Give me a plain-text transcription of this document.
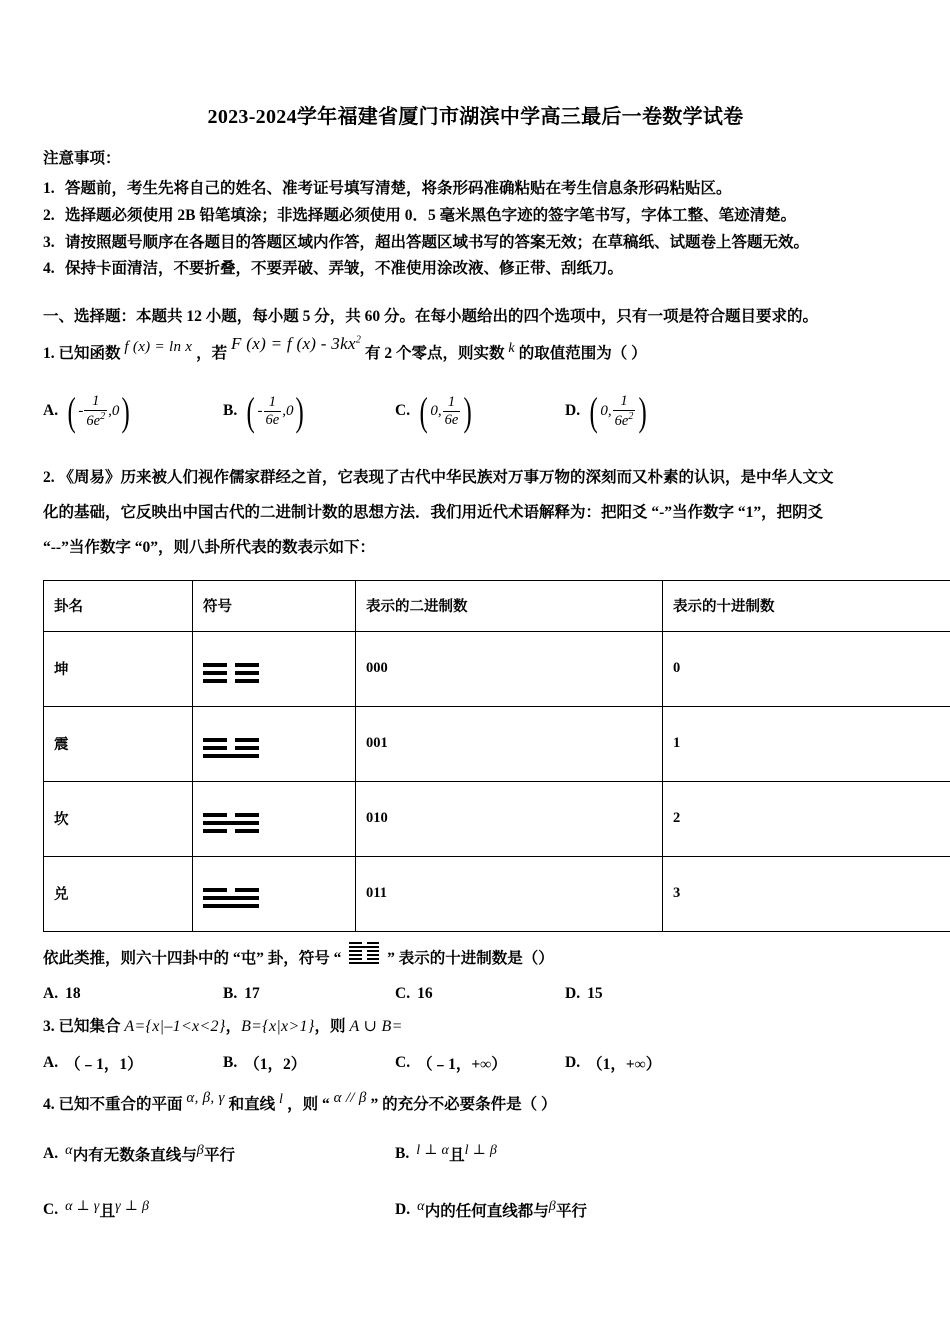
2023-2024学年福建省厦门市湖滨中学高三最后一卷数学试卷
注意事项：
1. 答题前，考生先将自己的姓名、准考证号填写清楚，将条形码准确粘贴在考生信息条形码粘贴区。
2. 选择题必须使用 2B 铅笔填涂；非选择题必须使用 0．5 毫米黑色字迹的签字笔书写，字体工整、笔迹清楚。
3. 请按照题号顺序在各题目的答题区域内作答，超出答题区域书写的答案无效；在草稿纸、试题卷上答题无效。
4. 保持卡面清洁，不要折叠，不要弄破、弄皱，不准使用涂改液、修正带、刮纸刀。
一、选择题：本题共 12 小题，每小题 5 分，共 60 分。在每小题给出的四个选项中，只有一项是符合题目要求的。
1. 已知函数 f (x) = ln x ，若 F (x) = f $(x) - 3kx^2$ 有 2 个零点，则实数 k 的取值范围为（ ）
A. ( - $\frac{1}{6e^2} ,0$ )	B. ( - $\frac{1}{6e} ,0$ )	C. ( 0, $\frac{1}{6e}$ )	D. ( 0, $\frac{1}{6e^2}$ )
2. 《周易》历来被人们视作儒家群经之首，它表现了古代中华民族对万事万物的深刻而又朴素的认识，是中华人文文
化的基础，它反映出中国古代的二进制计数的思想方法．我们用近代术语解释为：把阳爻 “-”当作数字 “1”，把阴爻
“--”当作数字 “0”，则八卦所代表的数表示如下：
卦名	符号	表示的二进制数	表示的十进制数
坤		000	0
震		001	1
坎		010	2
兑		011	3
依此类推，则六十四卦中的 “屯” 卦，符号 “	” 表示的十进制数是（）
A. 18	B. 17	C. 16	D. 15
3. 已知集合 A={x|–1<x<2}，B={x|x>1}，则 A ∪ B=
A. （﹣1，1）	B. （1，2）	C. （﹣1，+∞）	D. （1，+∞）
4. 已知不重合的平面 α, β, γ 和直线 l ，则 “ α // β ” 的充分不必要条件是（ ）
A. α内有无数条直线与β平行	B. l ⊥ α且l ⊥ β
C. α ⊥ γ且γ ⊥ β	D. α内的任何直线都与β平行
